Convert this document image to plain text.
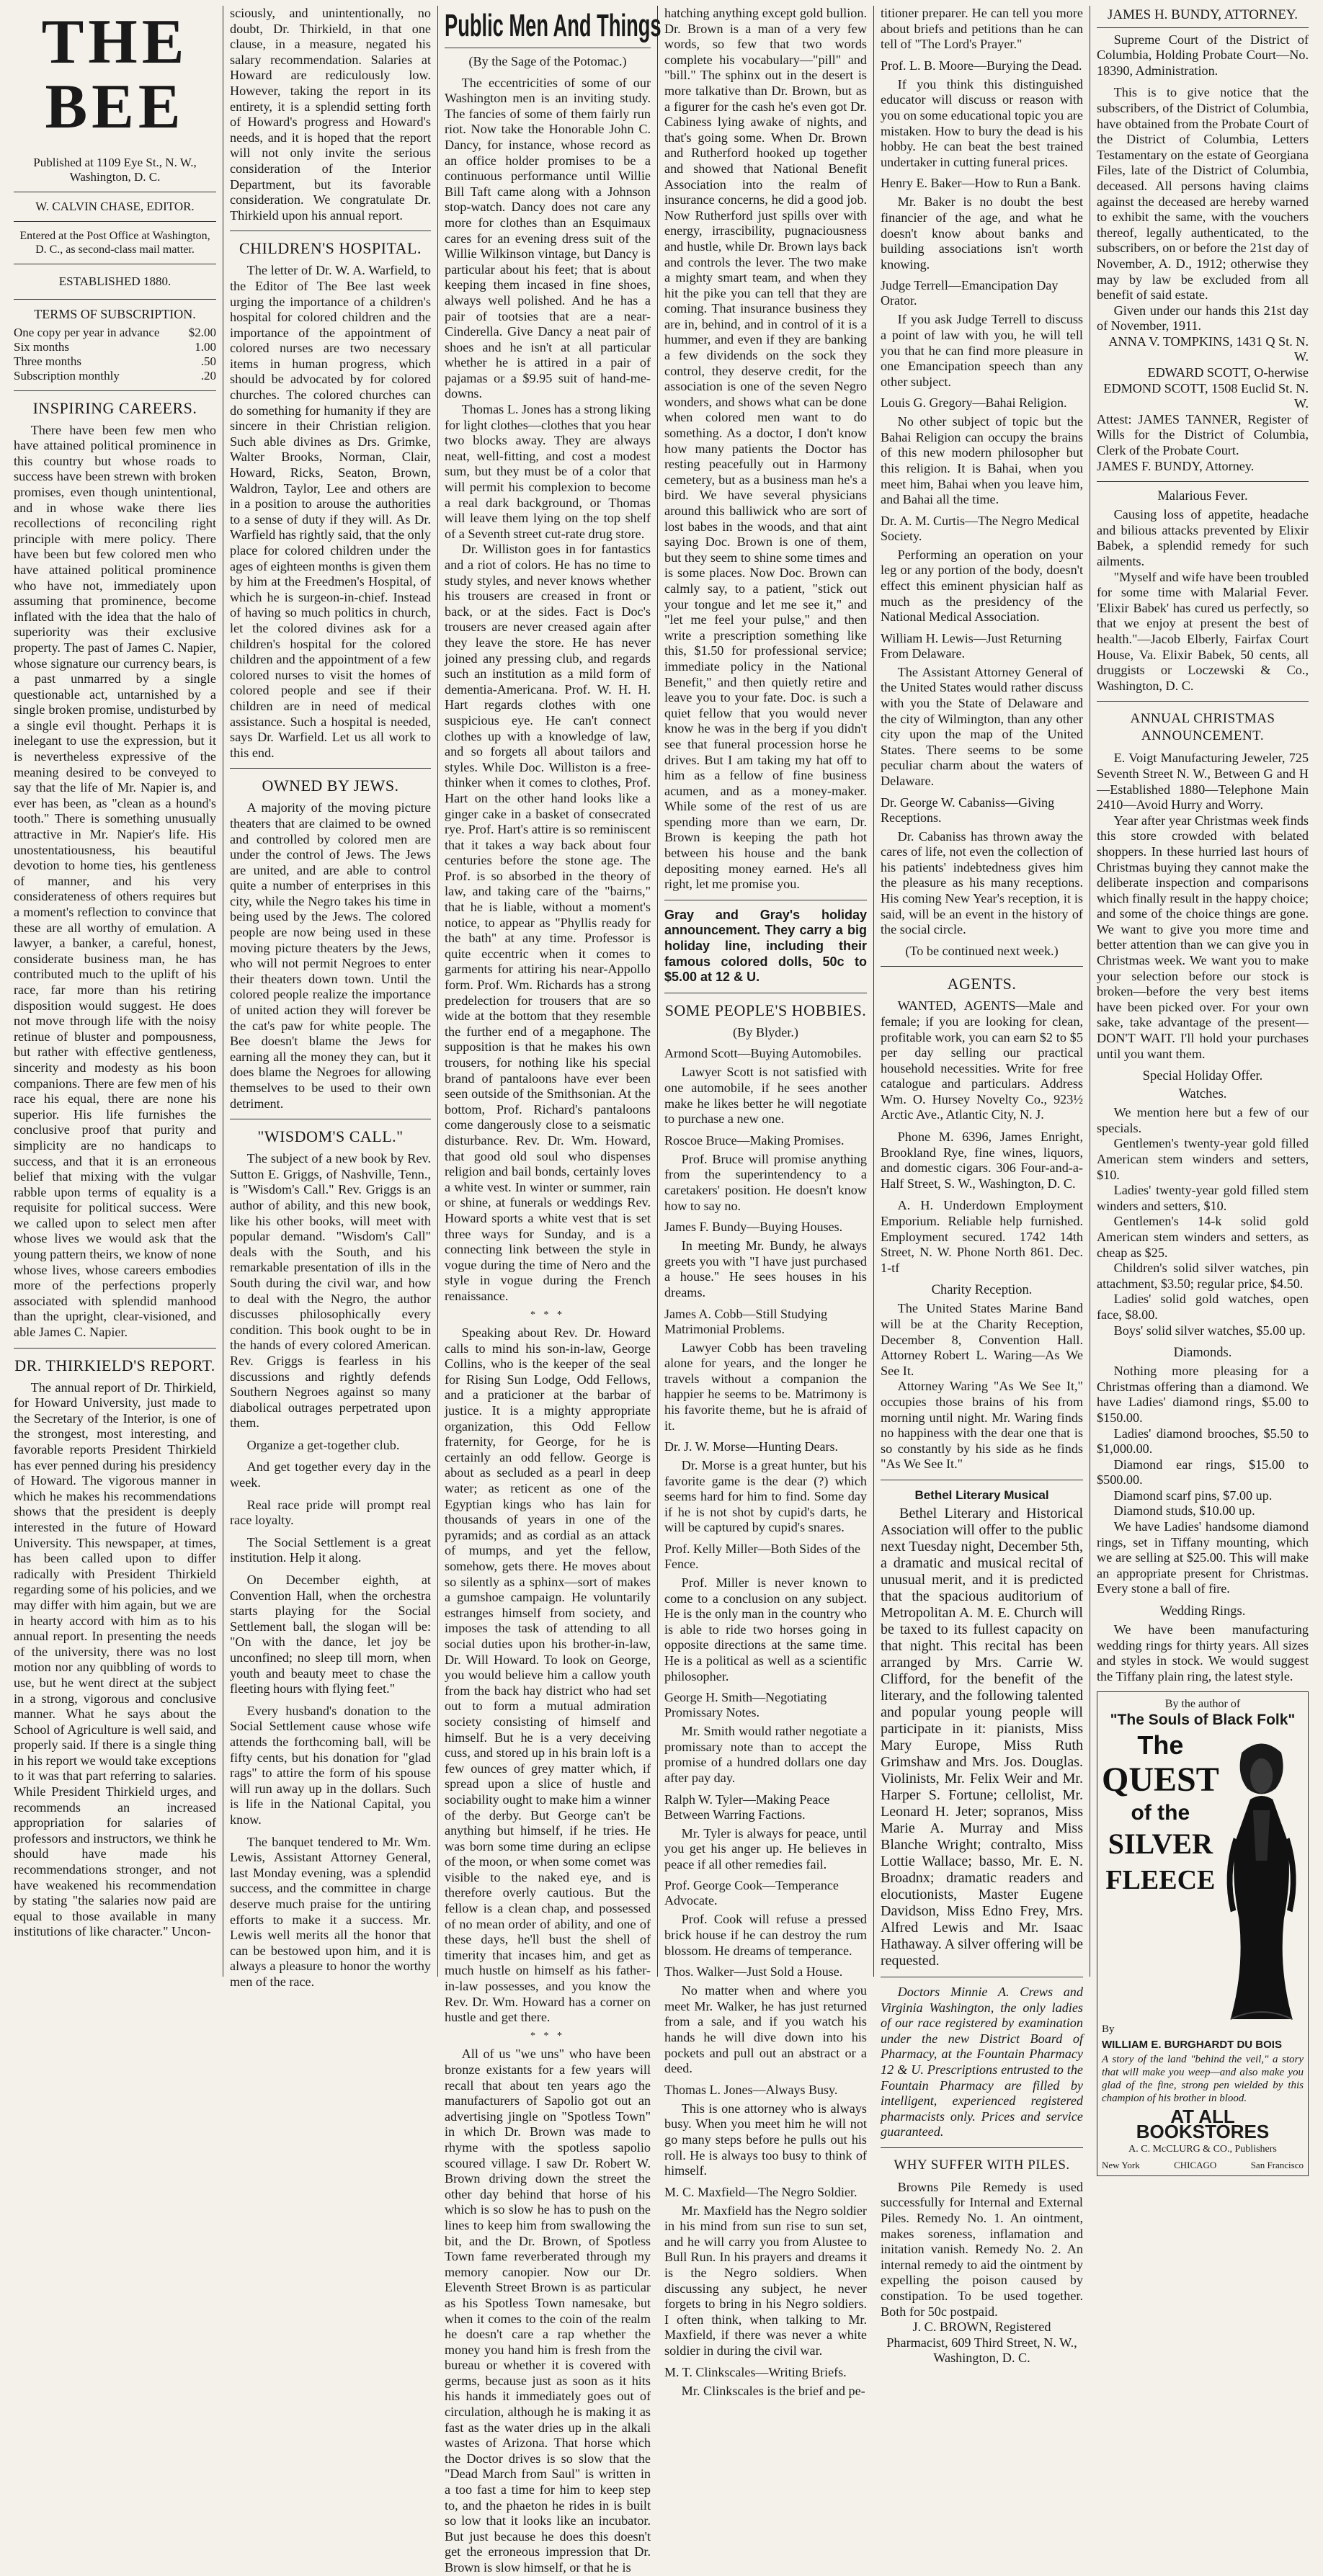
THE BEE
Published at 1109 Eye St., N. W., Washington, D. C.
W. CALVIN CHASE, EDITOR.
Entered at the Post Office at Washington, D. C., as second-class mail matter.
ESTABLISHED 1880.
TERMS OF SUBSCRIPTION.
One copy per year in advance	$2.00
Six months	1.00
Three months	.50
Subscription monthly	.20
INSPIRING CAREERS.

There have been few men who have attained political prominence in this country but whose roads to success have been strewn with broken promises, even though unintentional, and in whose wake there lies recollections of reconciling right principle with mere policy. There have been but few colored men who have attained political prominence who have not, immediately upon assuming that prominence, become inflated with the idea that the halo of superiority was their exclusive property. The past of James C. Napier, whose signature our currency bears, is a past unmarred by a single questionable act, untarnished by a single broken promise, undisturbed by a single evil thought. Perhaps it is inelegant to use the expression, but it is nevertheless expressive of the meaning desired to be conveyed to say that the life of Mr. Napier is, and ever has been, as "clean as a hound's tooth." There is something unusually attractive in Mr. Napier's life. His unostentatiousness, his beautiful devotion to home ties, his gentleness of manner, and his very considerateness of others requires but a moment's reflection to convince that these are all worthy of emulation. A lawyer, a banker, a careful, honest, considerate business man, he has contributed much to the uplift of his race, far more than his retiring disposition would suggest. He does not move through life with the noisy retinue of bluster and pompousness, but rather with effective gentleness, sincerity and modesty as his boon companions. There are few men of his race his equal, there are none his superior. His life furnishes the conclusive proof that purity and simplicity are no handicaps to success, and that it is an erroneous belief that mixing with the vulgar rabble upon terms of equality is a requisite for political success. Were we called upon to select men after whose lives we would ask that the young pattern theirs, we know of none whose lives, whose careers embodies more of the perfections properly associated with splendid manhood than the upright, clear-visioned, and able James C. Napier.

DR. THIRKIELD'S REPORT.

The annual report of Dr. Thirkield, for Howard University, just made to the Secretary of the Interior, is one of the strongest, most interesting, and favorable reports President Thirkield has ever penned during his presidency of Howard. The vigorous manner in which he makes his recommendations shows that the president is deeply interested in the future of Howard University. This newspaper, at times, has been called upon to differ radically with President Thirkield regarding some of his policies, and we may differ with him again, but we are in hearty accord with him as to his annual report. In presenting the needs of the university, there was no lost motion nor any quibbling of words to use, but he went direct at the subject in a strong, vigorous and conclusive manner. What he says about the School of Agriculture is well said, and properly said. If there is a single thing in his report we would take exceptions to it was that part referring to salaries. While President Thirkield urges, and recommends an increased appropriation for salaries of professors and instructors, we think he should have made his recommendations stronger, and not have weakened his recommendation by stating "the salaries now paid are equal to those available in many institutions of like character." Uncon-

sciously, and unintentionally, no doubt, Dr. Thirkield, in that one clause, in a measure, negated his salary recommendation. Salaries at Howard are rediculously low. However, taking the report in its entirety, it is a splendid setting forth of Howard's progress and Howard's needs, and it is hoped that the report will not only invite the serious consideration of the Interior Department, but its favorable consideration. We congratulate Dr. Thirkield upon his annual report.

CHILDREN'S HOSPITAL.

The letter of Dr. W. A. Warfield, to the Editor of The Bee last week urging the importance of a children's hospital for colored children and the importance of the appointment of colored nurses are two necessary items in human progress, which should be advocated by for colored churches. The colored churches can do something for humanity if they are sincere in their Christian religion. Such able divines as Drs. Grimke, Walter Brooks, Norman, Clair, Howard, Ricks, Seaton, Brown, Waldron, Taylor, Lee and others are in a position to arouse the authorities to a sense of duty if they will. As Dr. Warfield has rightly said, that the only place for colored children under the ages of eighteen months is given them by him at the Freedmen's Hospital, of which he is surgeon-in-chief. Instead of having so much politics in church, let the colored divines ask for a children's hospital for the colored children and the appointment of a few colored nurses to visit the homes of colored people and see if their children are in need of medical assistance. Such a hospital is needed, says Dr. Warfield. Let us all work to this end.

OWNED BY JEWS.

A majority of the moving picture theaters that are claimed to be owned and controlled by colored men are under the control of Jews. The Jews are united, and are able to control quite a number of enterprises in this city, while the Negro takes his time in being used by the Jews. The colored people are now being used in these moving picture theaters by the Jews, who will not permit Negroes to enter their theaters down town. Until the colored people realize the importance of united action they will forever be the cat's paw for white people. The Bee doesn't blame the Jews for earning all the money they can, but it does blame the Negroes for allowing themselves to be used to their own detriment.

"WISDOM'S CALL."

The subject of a new book by Rev. Sutton E. Griggs, of Nashville, Tenn., is "Wisdom's Call." Rev. Griggs is an author of ability, and this new book, like his other books, will meet with popular demand. "Wisdom's Call" deals with the South, and his remarkable presentation of ills in the South during the civil war, and how to deal with the Negro, the author discusses philosophically every condition. This book ought to be in the hands of every colored American. Rev. Griggs is fearless in his discussions and rightly defends Southern Negroes against so many diabolical outrages perpetrated upon them.

Organize a get-together club.

And get together every day in the week.

Real race pride will prompt real race loyalty.

The Social Settlement is a great institution. Help it along.

On December eighth, at Convention Hall, when the orchestra starts playing for the Social Settlement ball, the slogan will be: "On with the dance, let joy be unconfined; no sleep till morn, when youth and beauty meet to chase the fleeting hours with flying feet."

Every husband's donation to the Social Settlement cause whose wife attends the forthcoming ball, will be fifty cents, but his donation for "glad rags" to attire the form of his spouse will run away up in the dollars. Such is life in the National Capital, you know.

The banquet tendered to Mr. Wm. Lewis, Assistant Attorney General, last Monday evening, was a splendid success, and the committee in charge deserve much praise for the untiring efforts to make it a success. Mr. Lewis well merits all the honor that can be bestowed upon him, and it is always a pleasure to honor the worthy men of the race.

Public Men And Things
(By the Sage of the Potomac.)

The eccentricities of some of our Washington men is an inviting study. The fancies of some of them fairly run riot. Now take the Honorable John C. Dancy, for instance, whose record as an office holder promises to be a continuous performance until Willie Bill Taft came along with a Johnson stop-watch. Dancy does not care any more for clothes than an Esquimaux cares for an evening dress suit of the Willie Wilkinson vintage, but Dancy is particular about his feet; that is about keeping them incased in fine shoes, always well polished. And he has a pair of tootsies that are a near-Cinderella. Give Dancy a neat pair of shoes and he isn't at all particular whether he is attired in a pair of pajamas or a $9.95 suit of hand-me-downs.

Thomas L. Jones has a strong liking for light clothes—clothes that you hear two blocks away. They are always neat, well-fitting, and cost a modest sum, but they must be of a color that will permit his complexion to become a real dark background, or Thomas will leave them lying on the top shelf of a Seventh street cut-rate drug store.

Dr. Williston goes in for fantastics and a riot of colors. He has no time to study styles, and never knows whether his trousers are creased in front or back, or at the sides. Fact is Doc's trousers are never creased again after they leave the store. He has never joined any pressing club, and regards such an institution as a mild form of dementia-Americana. Prof. W. H. H. Hart regards clothes with one suspicious eye. He can't connect clothes up with a knowledge of law, and so forgets all about tailors and styles. While Doc. Williston is a free-thinker when it comes to clothes, Prof. Hart on the other hand looks like a ginger cake in a basket of consecrated rye. Prof. Hart's attire is so reminiscent that it takes a way back about four centuries before the stone age. The Prof. is so absorbed in the theory of law, and taking care of the "bairns," that he is liable, without a moment's notice, to appear as "Phyllis ready for the bath" at any time. Professor is quite eccentric when it comes to garments for attiring his near-Appollo form. Prof. Wm. Richards has a strong predelection for trousers that are so wide at the bottom that they resemble the further end of a megaphone. The supposition is that he makes his own trousers, for nothing like his special brand of pantaloons have ever been seen outside of the Smithsonian. At the bottom, Prof. Richard's pantaloons come dangerously close to a seismatic disturbance. Rev. Dr. Wm. Howard, that good old soul who dispenses religion and bail bonds, certainly loves a white vest. In winter or summer, rain or shine, at funerals or weddings Rev. Howard sports a white vest that is set three ways for Sunday, and is a connecting link between the style in vogue during the time of Nero and the style in vogue during the French renaissance.

* * *

Speaking about Rev. Dr. Howard calls to mind his son-in-law, George Collins, who is the keeper of the seal for Rising Sun Lodge, Odd Fellows, and a praticioner at the barbar of justice. It is a mighty appropriate organization, this Odd Fellow fraternity, for George, for he is certainly an odd fellow. George is about as secluded as a pearl in deep water; as reticent as one of the Egyptian kings who has lain for thousands of years in one of the pyramids; and as cordial as an attack of mumps, and yet the fellow, somehow, gets there. He moves about so silently as a sphinx—sort of makes a gumshoe campaign. He voluntarily estranges himself from society, and imposes the task of attending to all social duties upon his brother-in-law, Dr. Will Howard. To look on George, you would believe him a callow youth from the back hay district who had set out to form a mutual admiration society consisting of himself and himself. But he is a very deceiving cuss, and stored up in his brain loft is a few ounces of grey matter which, if spread upon a slice of hustle and sociability ought to make him a winner of the derby. But George can't be anything but himself, if he tries. He was born some time during an eclipse of the moon, or when some comet was visible to the naked eye, and is therefore overly cautious. But the fellow is a clean chap, and possessed of no mean order of ability, and one of these days, he'll bust the shell of timerity that incases him, and get as much hustle on himself as his father-in-law possesses, and you know the Rev. Dr. Wm. Howard has a corner on hustle and get there.

* * *

All of us "we uns" who have been bronze existants for a few years will recall that about ten years ago the manufacturers of Sapolio got out an advertising jingle on "Spotless Town" in which Dr. Brown was made to rhyme with the spotless sapolio scoured village. I saw Dr. Robert W. Brown driving down the street the other day behind that horse of his which is so slow he has to push on the lines to keep him from swallowing the bit, and the Dr. Brown, of Spotless Town fame reverberated through my memory canopier. Now our Dr. Eleventh Street Brown is as particular as his Spotless Town namesake, but when it comes to the coin of the realm he doesn't care a rap whether the money you hand him is fresh from the bureau or whether it is covered with germs, because just as soon as it hits his hands it immediately goes out of circulation, although he is making it as fast as the water dries up in the alkali wastes of Arizona. That horse which the Doctor drives is so slow that the "Dead March from Saul" is written in a too fast a time for him to keep step to, and the phaeton he rides in is built so low that it looks like an incubator. But just because he does this doesn't get the erroneous impression that Dr. Brown is slow himself, or that he is

hatching anything except gold bullion. Dr. Brown is a man of a very few words, so few that two words complete his vocabulary—"pill" and "bill." The sphinx out in the desert is more talkative than Dr. Brown, but as a figurer for the cash he's even got Dr. Cabiness lying awake of nights, and that's going some. When Dr. Brown and Rutherford hooked up together and showed that National Benefit Association into the realm of insurance concerns, he did a good job. Now Rutherford just spills over with energy, irrascibility, pugnaciousness and hustle, while Dr. Brown lays back and controls the lever. The two make a mighty smart team, and when they hit the pike you can tell that they are coming. That insurance business they are in, behind, and in control of it is a hummer, and even if they are banking a few dividends on the sock they control, they deserve credit, for the association is one of the seven Negro wonders, and shows what can be done when colored men want to do something. As a doctor, I don't know how many patients the Doctor has resting peacefully out in Harmony cemetery, but as a business man he's a bird. We have several physicians around this balliwick who are sort of lost babes in the woods, and that aint saying Doc. Brown is one of them, but they seem to shine some times and is some places. Now Doc. Brown can calmly say, to a patient, "stick out your tongue and let me see it," and "let me feel your pulse," and then write a prescription something like this, $1.50 for professional service; immediate policy in the National Benefit," and then quietly retire and leave you to your fate. Doc. is such a quiet fellow that you would never know he was in the berg if you didn't see that funeral procession horse he drives. But I am taking my hat off to him as a fellow of fine business acumen, and as a money-maker. While some of the rest of us are spending more than we earn, Dr. Brown is keeping the path hot between his house and the bank depositing money earned. He's all right, let me promise you.

Gray and Gray's holiday announcement. They carry a big holiday line, including their famous colored dolls, 50c to $5.00 at 12 & U.

SOME PEOPLE'S HOBBIES.
(By Blyder.)
Armond Scott—Buying Automobiles.

Lawyer Scott is not satisfied with one automobile, if he sees another make he likes better he will negotiate to purchase a new one.

Roscoe Bruce—Making Promises.

Prof. Bruce will promise anything from the superintendency to a caretakers' position. He doesn't know how to say no.

James F. Bundy—Buying Houses.

In meeting Mr. Bundy, he always greets you with "I have just purchased a house." He sees houses in his dreams.

James A. Cobb—Still Studying Matrimonial Problems.

Lawyer Cobb has been traveling alone for years, and the longer he travels without a companion the happier he seems to be. Matrimony is his favorite theme, but he is afraid of it.

Dr. J. W. Morse—Hunting Dears.

Dr. Morse is a great hunter, but his favorite game is the dear (?) which seems hard for him to find. Some day if he is not shot by cupid's darts, he will be captured by cupid's snares.

Prof. Kelly Miller—Both Sides of the Fence.

Prof. Miller is never known to come to a conclusion on any subject. He is the only man in the country who is able to ride two horses going in opposite directions at the same time. He is a political as well as a scientific philosopher.

George H. Smith—Negotiating Promissary Notes.

Mr. Smith would rather negotiate a promissary note than to accept the promise of a hundred dollars one day after pay day.

Ralph W. Tyler—Making Peace Between Warring Factions.

Mr. Tyler is always for peace, until you get his anger up. He believes in peace if all other remedies fail.

Prof. George Cook—Temperance Advocate.

Prof. Cook will refuse a pressed brick house if he can destroy the rum blossom. He dreams of temperance.

Thos. Walker—Just Sold a House.

No matter when and where you meet Mr. Walker, he has just returned from a sale, and if you watch his hands he will dive down into his pockets and pull out an abstract or a deed.

Thomas L. Jones—Always Busy.

This is one attorney who is always busy. When you meet him he will not go many steps before he pulls out his roll. He is always too busy to think of himself.

M. C. Maxfield—The Negro Soldier.

Mr. Maxfield has the Negro soldier in his mind from sun rise to sun set, and he will carry you from Alustee to Bull Run. In his prayers and dreams it is the Negro soldiers. When discussing any subject, he never forgets to bring in his Negro soldiers. I often think, when talking to Mr. Maxfield, if there was never a white soldier in during the civil war.

M. T. Clinkscales—Writing Briefs.

Mr. Clinkscales is the brief and pe-

titioner preparer. He can tell you more about briefs and petitions than he can tell of "The Lord's Prayer."

Prof. L. B. Moore—Burying the Dead.

If you think this distinguished educator will discuss or reason with you on some educational topic you are mistaken. How to bury the dead is his hobby. He can beat the best trained undertaker in cutting funeral prices.

Henry E. Baker—How to Run a Bank.

Mr. Baker is no doubt the best financier of the age, and what he doesn't know about banks and building associations isn't worth knowing.

Judge Terrell—Emancipation Day Orator.

If you ask Judge Terrell to discuss a point of law with you, he will tell you that he can find more pleasure in one Emancipation speech than any other subject.

Louis G. Gregory—Bahai Religion.

No other subject of topic but the Bahai Religion can occupy the brains of this new modern philosopher but this religion. It is Bahai, when you meet him, Bahai when you leave him, and Bahai all the time.

Dr. A. M. Curtis—The Negro Medical Society.

Performing an operation on your leg or any portion of the body, doesn't effect this eminent physician half as much as the presidency of the National Medical Association.

William H. Lewis—Just Returning From Delaware.

The Assistant Attorney General of the United States would rather discuss with you the State of Delaware and the city of Wilmington, than any other city upon the map of the United States. There seems to be some peculiar charm about the waters of Delaware.

Dr. George W. Cabaniss—Giving Receptions.

Dr. Cabaniss has thrown away the cares of life, not even the collection of his patients' indebtedness gives him the pleasure as his many receptions. His coming New Year's reception, it is said, will be an event in the history of the social circle.

(To be continued next week.)
AGENTS.

WANTED, AGENTS—Male and female; if you are looking for clean, profitable work, you can earn $2 to $5 per day selling our practical household necessities. Write for free catalogue and particulars. Address Wm. O. Hursey Novelty Co., 923½ Arctic Ave., Atlantic City, N. J.

Phone M. 6396, James Enright, Brookland Rye, fine wines, liquors, and domestic cigars. 306 Four-and-a-Half Street, S. W., Washington, D. C.

A. H. Underdown Employment Emporium. Reliable help furnished. Employment secured. 1742 14th Street, N. W. Phone North 861. Dec. 1-tf

Charity Reception.

The United States Marine Band will be at the Charity Reception, December 8, Convention Hall. Attorney Robert L. Waring—As We See It.

Attorney Waring "As We See It," occupies those brains of his from morning until night. Mr. Waring finds no happiness with the dear one that is so constantly by his side as he finds "As We See It."

Bethel Literary Musical

Bethel Literary and Historical Association will offer to the public next Tuesday night, December 5th, a dramatic and musical recital of unusual merit, and it is predicted that the spacious auditorium of Metropolitan A. M. E. Church will be taxed to its fullest capacity on that night. This recital has been arranged by Mrs. Carrie W. Clifford, for the benefit of the literary, and the following talented and popular young people will participate in it: pianists, Miss Mary Europe, Miss Ruth Grimshaw and Mrs. Jos. Douglas. Violinists, Mr. Felix Weir and Mr. Harper S. Fortune; cellolist, Mr. Leonard H. Jeter; sopranos, Miss Marie A. Murray and Miss Blanche Wright; contralto, Miss Lottie Wallace; basso, Mr. E. N. Broadnx; dramatic readers and elocutionists, Master Eugene Davidson, Miss Edno Frey, Mrs. Alfred Lewis and Mr. Isaac Hathaway. A silver offering will be requested.

Doctors Minnie A. Crews and Virginia Washington, the only ladies of our race registered by examination under the new District Board of Pharmacy, at the Fountain Pharmacy 12 & U. Prescriptions entrusted to the Fountain Pharmacy are filled by intelligent, experienced registered pharmacists only. Prices and service guaranteed.

WHY SUFFER WITH PILES.

Browns Pile Remedy is used successfully for Internal and External Piles. Remedy No. 1. An ointment, makes soreness, inflamation and initation vanish. Remedy No. 2. An internal remedy to aid the ointment by expelling the poison caused by constipation. To be used together. Both for 50c postpaid.

J. C. BROWN, Registered Pharmacist, 609 Third Street, N. W., Washington, D. C.

JAMES H. BUNDY, ATTORNEY.

Supreme Court of the District of Columbia, Holding Probate Court—No. 18390, Administration.

This is to give notice that the subscribers, of the District of Columbia, have obtained from the Probate Court of the District of Columbia, Letters Testamentary on the estate of Georgiana Files, late of the District of Columbia, deceased. All persons having claims against the deceased are hereby warned to exhibit the same, with the vouchers thereof, legally authenticated, to the subscribers, on or before the 21st day of November, A. D., 1912; otherwise they may by law be excluded from all benefit of said estate.

Given under our hands this 21st day of November, 1911.

ANNA V. TOMPKINS, 1431 Q St. N. W.

EDWARD SCOTT, O-herwise EDMOND SCOTT, 1508 Euclid St. N. W.

Attest: JAMES TANNER, Register of Wills for the District of Columbia, Clerk of the Probate Court.

JAMES F. BUNDY, Attorney.

Malarious Fever.

Causing loss of appetite, headache and bilious attacks prevented by Elixir Babek, a splendid remedy for such ailments.

"Myself and wife have been troubled for some time with Malarial Fever. 'Elixir Babek' has cured us perfectly, so that we enjoy at present the best of health."—Jacob Elberly, Fairfax Court House, Va. Elixir Babek, 50 cents, all druggists or Loczewski & Co., Washington, D. C.

ANNUAL CHRISTMAS ANNOUNCEMENT.

E. Voigt Manufacturing Jeweler, 725 Seventh Street N. W., Between G and H—Established 1880—Telephone Main 2410—Avoid Hurry and Worry.

Year after year Christmas week finds this store crowded with belated shoppers. In these hurried last hours of Christmas buying they cannot make the deliberate inspection and comparisons which finally result in the happy choice; and some of the choice things are gone. We want to give you more time and better attention than we can give you in Christmas week. We want you to make your selection before our stock is broken—before the very best items have been picked over. For your own sake, take advantage of the present—DON'T WAIT. I'll hold your purchases until you want them.

Special Holiday Offer.
Watches.

We mention here but a few of our specials.

Gentlemen's twenty-year gold filled American stem winders and setters, $10.

Ladies' twenty-year gold filled stem winders and setters, $10.

Gentlemen's 14-k solid gold American stem winders and setters, as cheap as $25.

Children's solid silver watches, pin attachment, $3.50; regular price, $4.50.

Ladies' solid gold watches, open face, $8.00.

Boys' solid silver watches, $5.00 up.

Diamonds.

Nothing more pleasing for a Christmas offering than a diamond. We have Ladies' diamond rings, $5.00 to $150.00.

Ladies' diamond brooches, $5.50 to $1,000.00.

Diamond ear rings, $15.00 to $500.00.

Diamond scarf pins, $7.00 up.

Diamond studs, $10.00 up.

We have Ladies' handsome diamond rings, set in Tiffany mounting, which we are selling at $25.00. This will make an appropriate present for Christmas. Every stone a ball of fire.

Wedding Rings.

We have been manufacturing wedding rings for thirty years. All sizes and styles in stock. We would suggest the Tiffany plain ring, the latest style.

By the author of
"The Souls of Black Folk"
The
QUEST
of the
SILVER
FLEECE
By
WILLIAM E. BURGHARDT DU BOIS
A story of the land "behind the veil," a story that will make you weep—and also make you glad of the fine, strong pen wielded by this champion of his brother in blood.
AT ALL BOOKSTORES
A. C. McCLURG & CO., Publishers
New York	CHICAGO	San Francisco
